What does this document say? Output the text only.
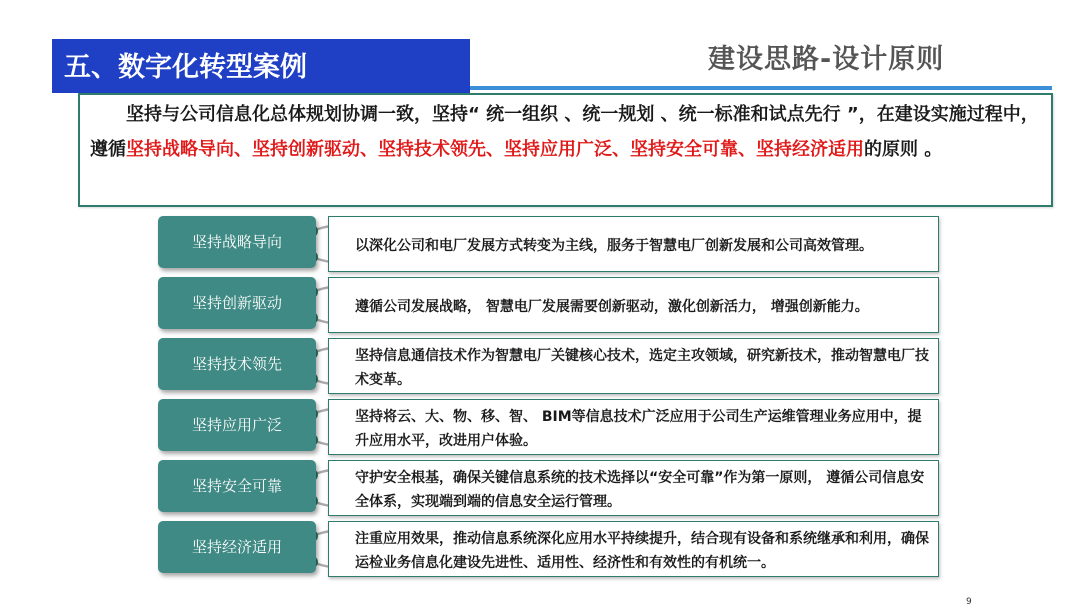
五、数字化转型案例	建设思路-设计原则
坚持与公司信息化总体规划协调一致，坚持“ 统一组织 、统一规划 、统一标准和试点先行 ”，在建设实施过程中， 遵循坚持战略导向、坚持创新驱动、坚持技术领先、坚持应用广泛、坚持安全可靠、坚持经济适用的原则 。
以深化公司和电厂发展方式转变为主线，服务于智慧电厂创新发展和公司高效管理。
坚持战略导向
遵循公司发展战略， 智慧电厂发展需要创新驱动，激化创新活力， 增强创新能力。
坚持创新驱动
坚持信息通信技术作为智慧电厂关键核心技术，选定主攻领域，研究新技术，推动智慧电厂技术变革。
坚持技术领先
坚持将云、大、物、移、智、 BIM等信息技术广泛应用于公司生产运维管理业务应用中，提升应用水平，改进用户体验。
坚持应用广泛
守护安全根基，确保关键信息系统的技术选择以“安全可靠”作为第一原则， 遵循公司信息安全体系，实现端到端的信息安全运行管理。
坚持安全可靠
注重应用效果，推动信息系统深化应用水平持续提升，结合现有设备和系统继承和利用，确保运检业务信息化建设先进性、适用性、经济性和有效性的有机统一。
坚持经济适用
9
